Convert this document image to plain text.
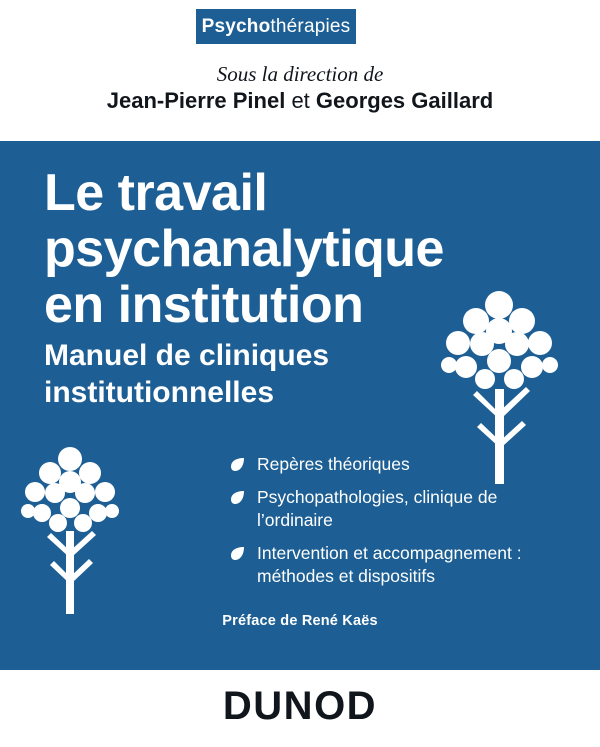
Psycho thérapies
Sous la direction de
Jean-Pierre Pinel et Georges Gaillard
Le travail
psychanalytique
en institution
Manuel de cliniques
institutionnelles
Repères théoriques
Psychopathologies, clinique de l’ordinaire
Intervention et accompagnement : méthodes et dispositifs
Préface de René Kaës
DUNOD
